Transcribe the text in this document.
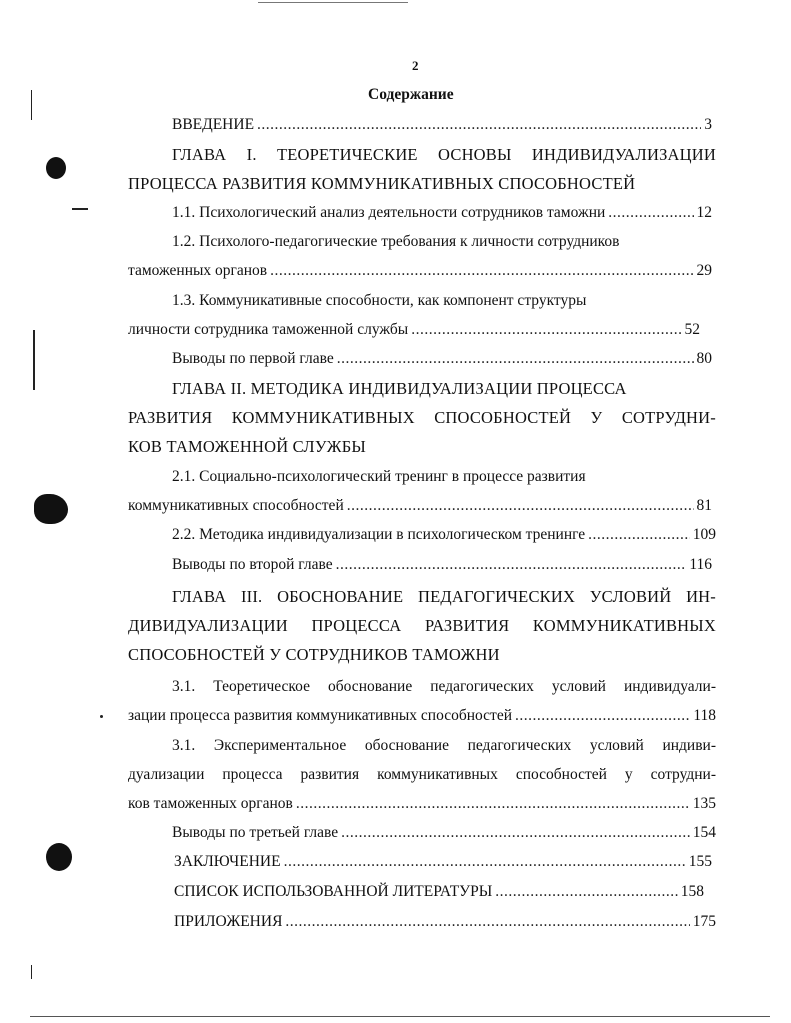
2
Содержание
ВВЕДЕНИЕ .....	3
ГЛАВА I. ТЕОРЕТИЧЕСКИЕ ОСНОВЫ ИНДИВИДУАЛИЗАЦИИ
ПРОЦЕССА РАЗВИТИЯ КОММУНИКАТИВНЫХ СПОСОБНОСТЕЙ
1.1. Психологический анализ деятельности сотрудников таможни .....	12
1.2. Психолого-педагогические требования к личности сотрудников
таможенных органов .....	29
1.3. Коммуникативные способности, как компонент структуры
личности сотрудника таможенной службы .....	52
Выводы по первой главе .....	80
ГЛАВА II. МЕТОДИКА ИНДИВИДУАЛИЗАЦИИ ПРОЦЕССА
РАЗВИТИЯ КОММУНИКАТИВНЫХ СПОСОБНОСТЕЙ У СОТРУДНИ-
КОВ ТАМОЖЕННОЙ СЛУЖБЫ
2.1. Социально-психологический тренинг в процессе развития
коммуникативных способностей .....	81
2.2. Методика индивидуализации в психологическом тренинге .....	109
Выводы по второй главе .....	116
ГЛАВА III. ОБОСНОВАНИЕ ПЕДАГОГИЧЕСКИХ УСЛОВИЙ ИН-
ДИВИДУАЛИЗАЦИИ ПРОЦЕССА РАЗВИТИЯ КОММУНИКАТИВНЫХ
СПОСОБНОСТЕЙ У СОТРУДНИКОВ ТАМОЖНИ
3.1. Теоретическое обоснование педагогических условий индивидуали-
зации процесса развития коммуникативных способностей .....	118
3.1. Экспериментальное обоснование педагогических условий индиви-
дуализации процесса развития коммуникативных способностей у сотрудни-
ков таможенных органов .....	135
Выводы по третьей главе .....	154
ЗАКЛЮЧЕНИЕ .....	155
СПИСОК ИСПОЛЬЗОВАННОЙ ЛИТЕРАТУРЫ .....	158
ПРИЛОЖЕНИЯ .....	175
